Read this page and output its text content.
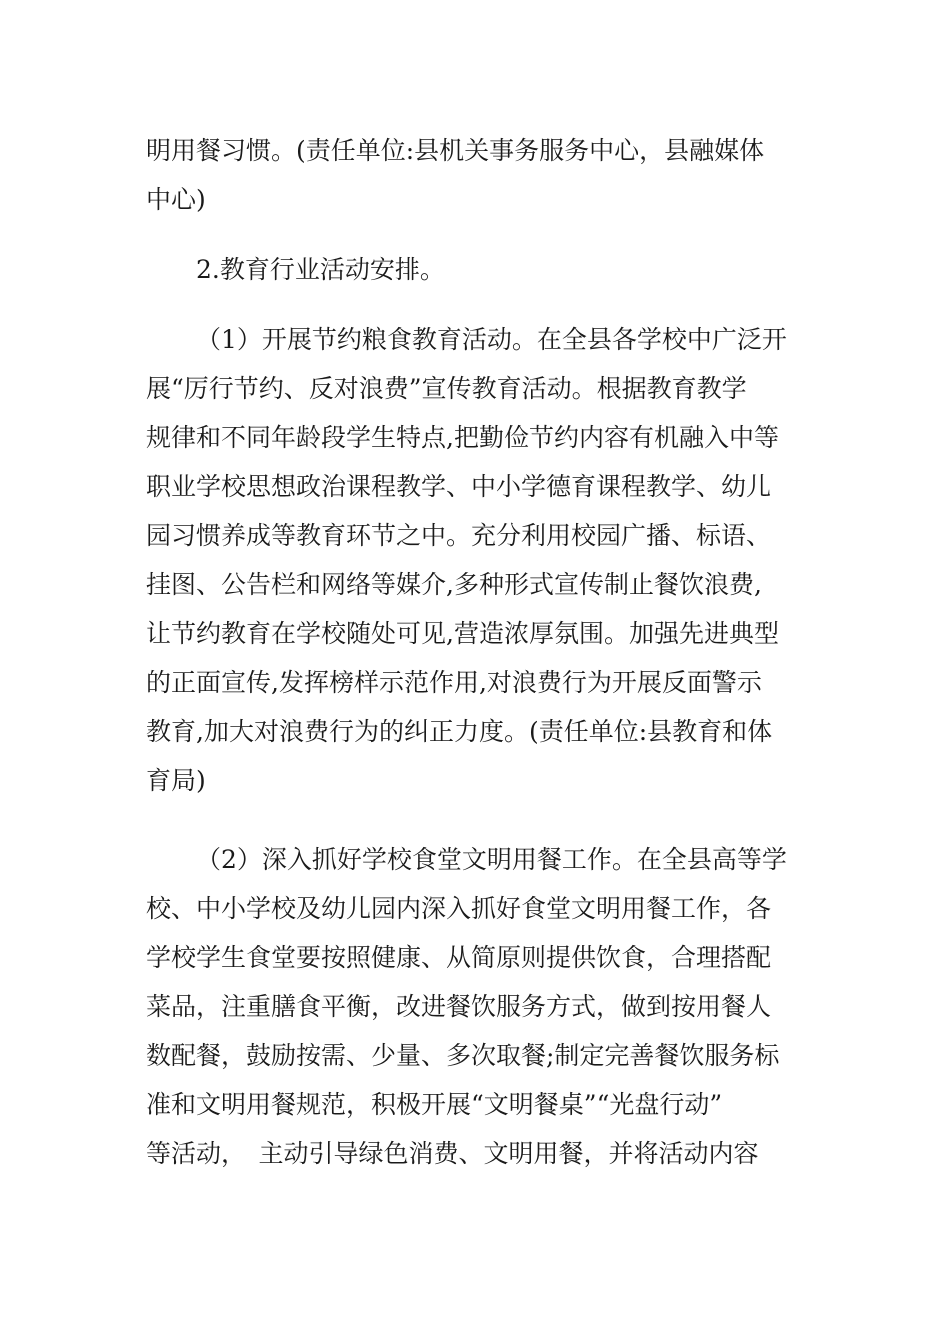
明用餐习惯。(责任单位:县机关事务服务中心，县融媒体
中心)
2.教育行业活动安排。
（1）开展节约粮食教育活动。在全县各学校中广泛开
展“厉行节约、反对浪费”宣传教育活动。根据教育教学
规律和不同年龄段学生特点,把勤俭节约内容有机融入中等
职业学校思想政治课程教学、中小学德育课程教学、幼儿
园习惯养成等教育环节之中。充分利用校园广播、标语、
挂图、公告栏和网络等媒介,多种形式宣传制止餐饮浪费,
让节约教育在学校随处可见,营造浓厚氛围。加强先进典型
的正面宣传,发挥榜样示范作用,对浪费行为开展反面警示
教育,加大对浪费行为的纠正力度。(责任单位:县教育和体
育局)
（2）深入抓好学校食堂文明用餐工作。在全县高等学
校、中小学校及幼儿园内深入抓好食堂文明用餐工作，各
学校学生食堂要按照健康、从简原则提供饮食，合理搭配
菜品，注重膳食平衡，改进餐饮服务方式，做到按用餐人
数配餐，鼓励按需、少量、多次取餐;制定完善餐饮服务标
准和文明用餐规范，积极开展“文明餐桌”“光盘行动”
等活动，　主动引导绿色消费、文明用餐，并将活动内容
